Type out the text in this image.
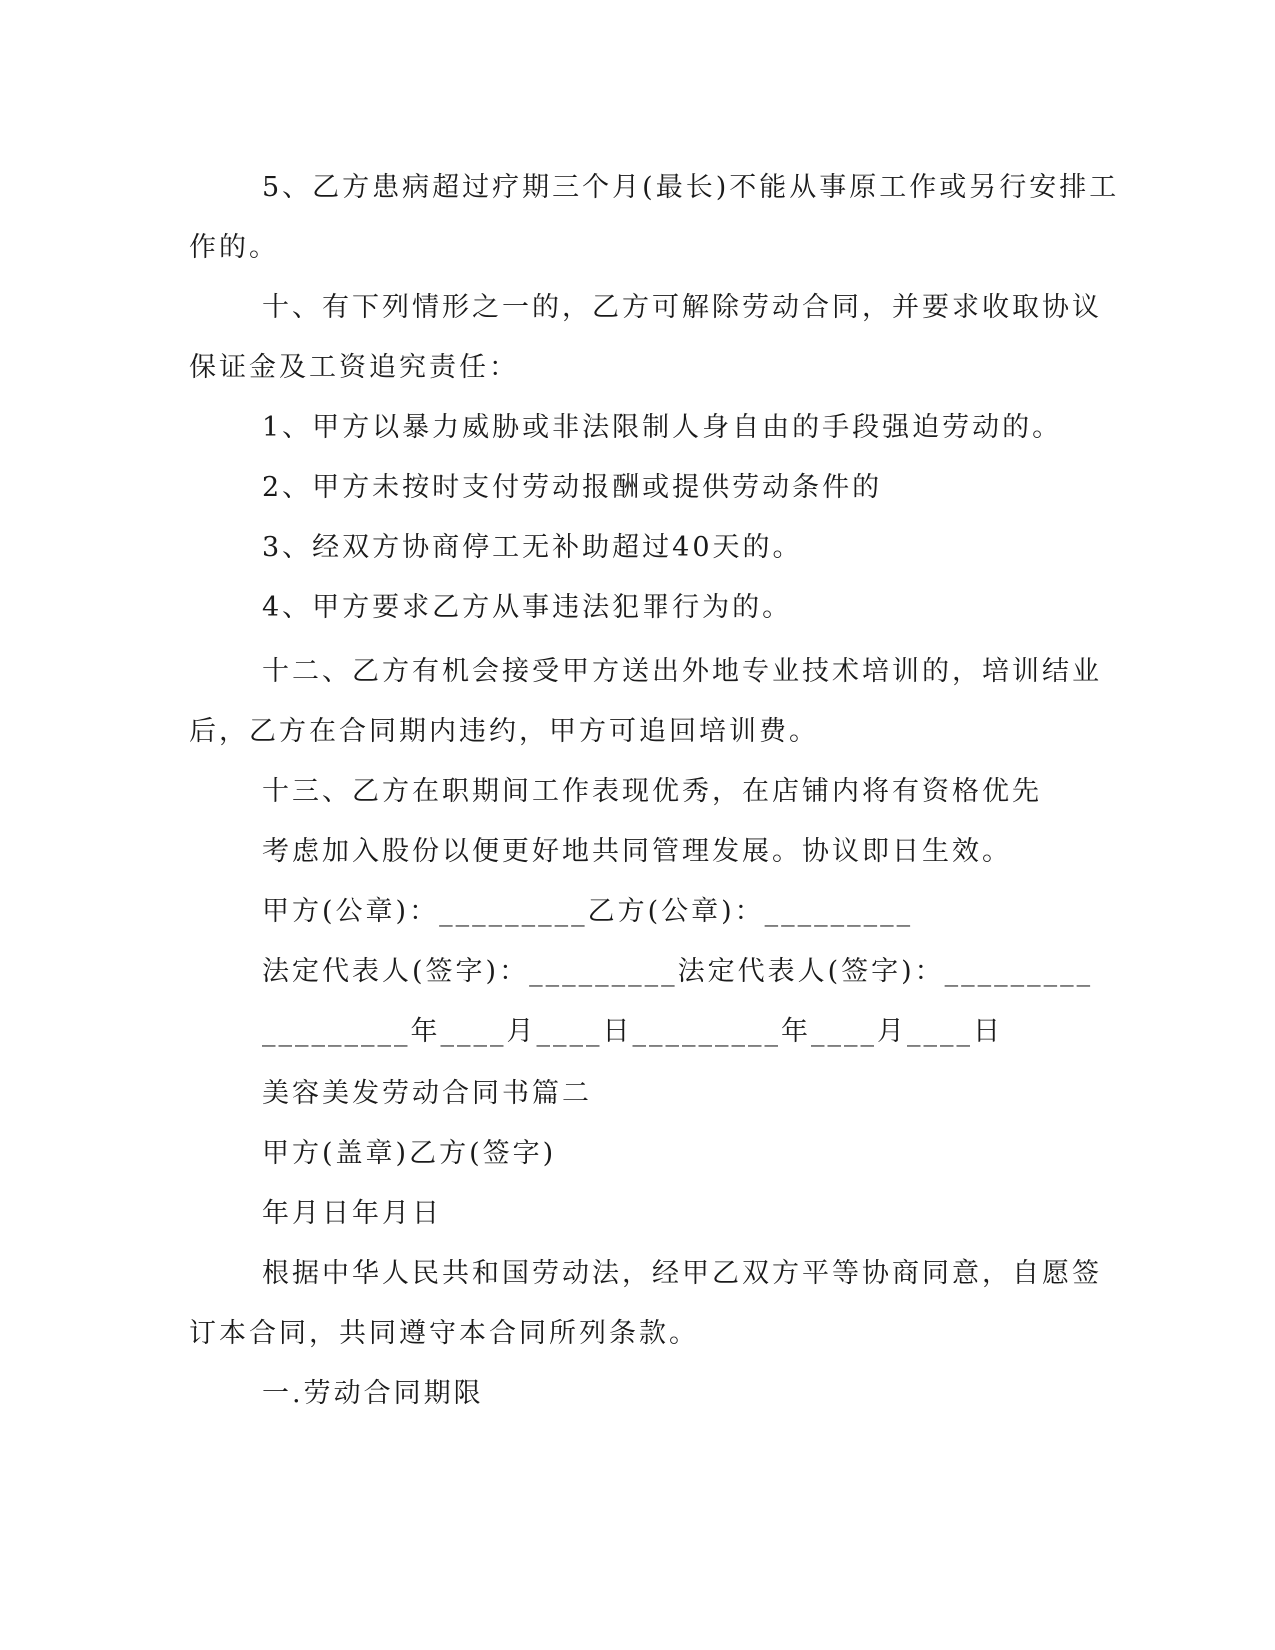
5、乙方患病超过疗期三个月(最长)不能从事原工作或另行安排工
作的。
十、有下列情形之一的，乙方可解除劳动合同，并要求收取协议
保证金及工资追究责任：
1、甲方以暴力威胁或非法限制人身自由的手段强迫劳动的。
2、甲方未按时支付劳动报酬或提供劳动条件的
3、经双方协商停工无补助超过40天的。
4、甲方要求乙方从事违法犯罪行为的。
十二、乙方有机会接受甲方送出外地专业技术培训的，培训结业
后，乙方在合同期内违约，甲方可追回培训费。
十三、乙方在职期间工作表现优秀，在店铺内将有资格优先
考虑加入股份以便更好地共同管理发展。协议即日生效。
甲方(公章)：_________乙方(公章)：_________
法定代表人(签字)：_________法定代表人(签字)：_________
_________年____月____日_________年____月____日
美容美发劳动合同书篇二
甲方(盖章)乙方(签字)
年月日年月日
根据中华人民共和国劳动法，经甲乙双方平等协商同意，自愿签
订本合同，共同遵守本合同所列条款。
一.劳动合同期限
